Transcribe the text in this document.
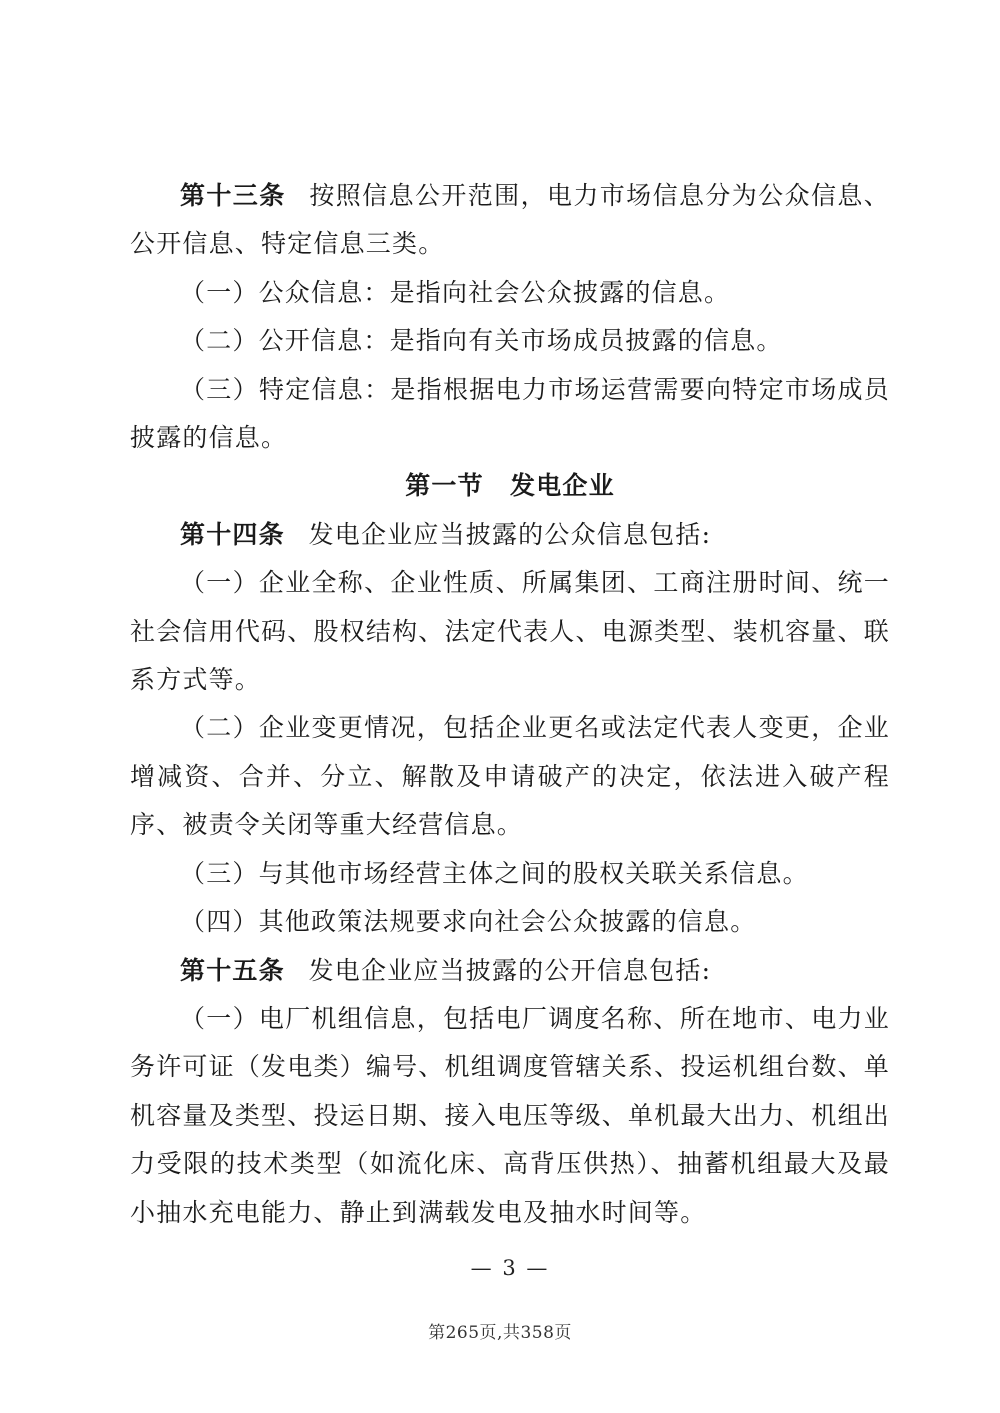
第十三条 按照信息公开范围，电力市场信息分为公众信息、公开信息、特定信息三类。

（一）公众信息：是指向社会公众披露的信息。

（二）公开信息：是指向有关市场成员披露的信息。

（三）特定信息：是指根据电力市场运营需要向特定市场成员披露的信息。

第一节　发电企业

第十四条 发电企业应当披露的公众信息包括:

（一）企业全称、企业性质、所属集团、工商注册时间、统一社会信用代码、股权结构、法定代表人、电源类型、装机容量、联系方式等。

（二）企业变更情况，包括企业更名或法定代表人变更，企业增减资、合并、分立、解散及申请破产的决定，依法进入破产程序、被责令关闭等重大经营信息。

（三）与其他市场经营主体之间的股权关联关系信息。

（四）其他政策法规要求向社会公众披露的信息。

第十五条 发电企业应当披露的公开信息包括:

（一）电厂机组信息，包括电厂调度名称、所在地市、电力业务许可证（发电类）编号、机组调度管辖关系、投运机组台数、单机容量及类型、投运日期、接入电压等级、单机最大出力、机组出力受限的技术类型（如流化床、高背压供热）、抽蓄机组最大及最小抽水充电能力、静止到满载发电及抽水时间等。

— 3 —
第265页,共358页
